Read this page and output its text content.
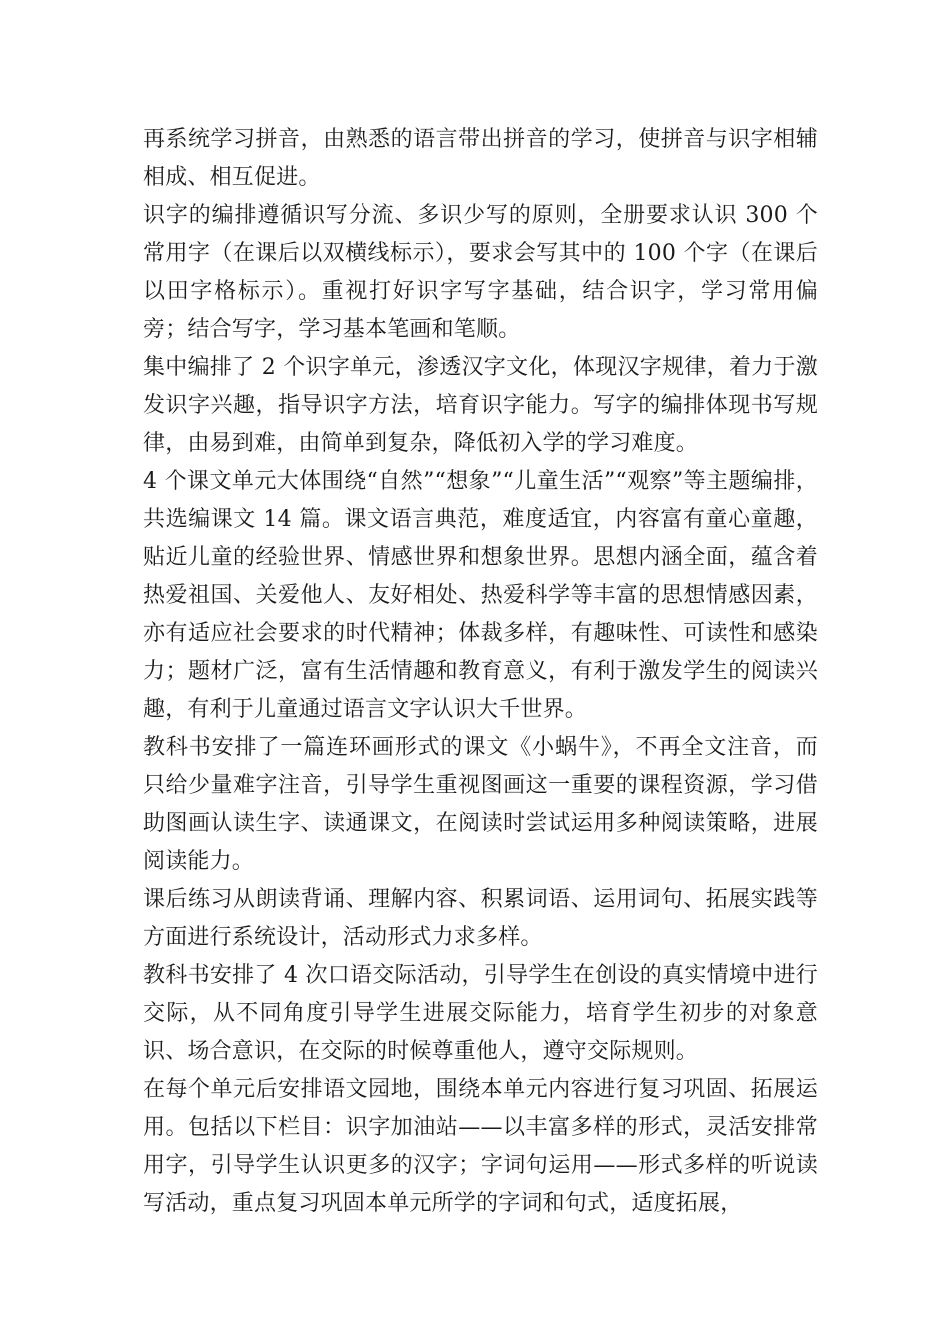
再系统学习拼音，由熟悉的语言带出拼音的学习，使拼音与识字相辅相成、相互促进。

识字的编排遵循识写分流、多识少写的原则，全册要求认识 300 个常用字（在课后以双横线标示），要求会写其中的 100 个字（在课后以田字格标示）。重视打好识字写字基础，结合识字，学习常用偏旁；结合写字，学习基本笔画和笔顺。

集中编排了 2 个识字单元，渗透汉字文化，体现汉字规律，着力于激发识字兴趣，指导识字方法，培育识字能力。写字的编排体现书写规律，由易到难，由简单到复杂，降低初入学的学习难度。

4 个课文单元大体围绕“自然”“想象”“儿童生活”“观察”等主题编排，共选编课文 14 篇。课文语言典范，难度适宜，内容富有童心童趣，贴近儿童的经验世界、情感世界和想象世界。思想内涵全面，蕴含着热爱祖国、关爱他人、友好相处、热爱科学等丰富的思想情感因素，亦有适应社会要求的时代精神；体裁多样，有趣味性、可读性和感染力；题材广泛，富有生活情趣和教育意义，有利于激发学生的阅读兴趣，有利于儿童通过语言文字认识大千世界。

教科书安排了一篇连环画形式的课文《小蜗牛》，不再全文注音，而只给少量难字注音，引导学生重视图画这一重要的课程资源，学习借助图画认读生字、读通课文，在阅读时尝试运用多种阅读策略，进展阅读能力。

课后练习从朗读背诵、理解内容、积累词语、运用词句、拓展实践等方面进行系统设计，活动形式力求多样。

教科书安排了 4 次口语交际活动，引导学生在创设的真实情境中进行交际，从不同角度引导学生进展交际能力，培育学生初步的对象意识、场合意识，在交际的时候尊重他人，遵守交际规则。

在每个单元后安排语文园地，围绕本单元内容进行复习巩固、拓展运用。包括以下栏目：识字加油站——以丰富多样的形式，灵活安排常用字，引导学生认识更多的汉字；字词句运用——形式多样的听说读写活动，重点复习巩固本单元所学的字词和句式，适度拓展，
